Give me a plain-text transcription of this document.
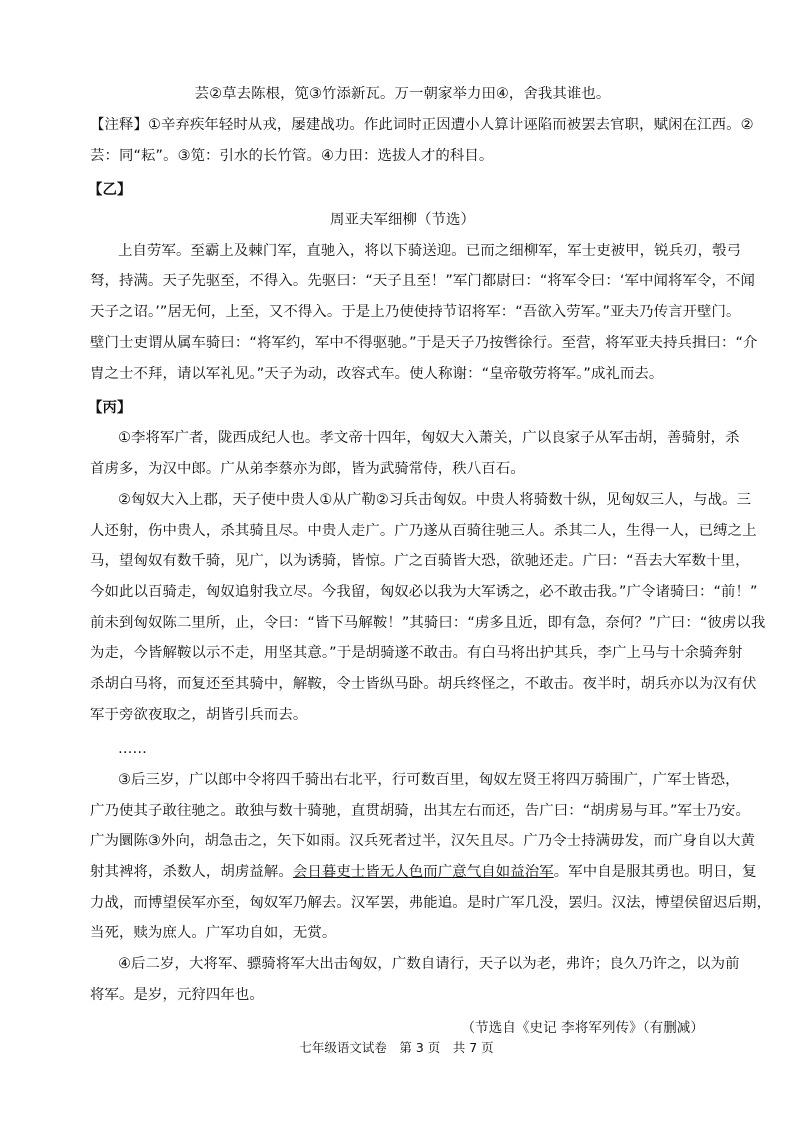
芸②草去陈根，笕③竹添新瓦。万一朝家举力田④，舍我其谁也。
【注释】①辛弃疾年轻时从戎，屡建战功。作此词时正因遭小人算计诬陷而被罢去官职，赋闲在江西。②
芸：同“耘”。③笕：引水的长竹管。④力田：选拔人才的科目。
【乙】
周亚夫军细柳（节选）
上自劳军。至霸上及棘门军，直驰入，将以下骑送迎。已而之细柳军，军士吏被甲，锐兵刃，彀弓
弩，持满。天子先驱至，不得入。先驱曰：“天子且至！”军门都尉曰：“将军令曰：‘军中闻将军令，不闻
天子之诏。’”居无何，上至，又不得入。于是上乃使使持节诏将军：“吾欲入劳军。”亚夫乃传言开壁门。
壁门士吏谓从属车骑曰：“将军约，军中不得驱驰。”于是天子乃按辔徐行。至营，将军亚夫持兵揖曰：“介
胄之士不拜，请以军礼见。”天子为动，改容式车。使人称谢：“皇帝敬劳将军。”成礼而去。
【丙】
①李将军广者，陇西成纪人也。孝文帝十四年，匈奴大入萧关，广以良家子从军击胡，善骑射，杀
首虏多，为汉中郎。广从弟李蔡亦为郎，皆为武骑常侍，秩八百石。
②匈奴大入上郡，天子使中贵人①从广勒②习兵击匈奴。中贵人将骑数十纵，见匈奴三人，与战。三
人还射，伤中贵人，杀其骑且尽。中贵人走广。广乃遂从百骑往驰三人。杀其二人，生得一人，已缚之上
马，望匈奴有数千骑，见广，以为诱骑，皆惊。广之百骑皆大恐，欲驰还走。广曰：“吾去大军数十里，
今如此以百骑走，匈奴追射我立尽。今我留，匈奴必以我为大军诱之，必不敢击我。”广令诸骑曰：“前！”
前未到匈奴陈二里所，止，令曰：“皆下马解鞍！”其骑曰：“虏多且近，即有急，奈何？”广曰：“彼虏以我
为走，今皆解鞍以示不走，用坚其意。”于是胡骑遂不敢击。有白马将出护其兵，李广上马与十余骑奔射
杀胡白马将，而复还至其骑中，解鞍，令士皆纵马卧。胡兵终怪之，不敢击。夜半时，胡兵亦以为汉有伏
军于旁欲夜取之，胡皆引兵而去。
……
③后三岁，广以郎中令将四千骑出右北平，行可数百里，匈奴左贤王将四万骑围广，广军士皆恐，
广乃使其子敢往驰之。敢独与数十骑驰，直贯胡骑，出其左右而还，告广曰：“胡虏易与耳。”军士乃安。
广为圜陈③外向，胡急击之，矢下如雨。汉兵死者过半，汉矢且尽。广乃令士持满毋发，而广身自以大黄
射其裨将，杀数人，胡虏益解。会日暮吏士皆无人色而广意气自如益治军。军中自是服其勇也。明日，复
力战，而博望侯军亦至，匈奴军乃解去。汉军罢，弗能追。是时广军几没，罢归。汉法，博望侯留迟后期，
当死，赎为庶人。广军功自如，无赏。
④后二岁，大将军、骠骑将军大出击匈奴，广数自请行，天子以为老，弗许；良久乃许之，以为前
将军。是岁，元狩四年也。
（节选自《史记 李将军列传》（有删减）
七年级语文试卷　第 3 页　共 7 页
